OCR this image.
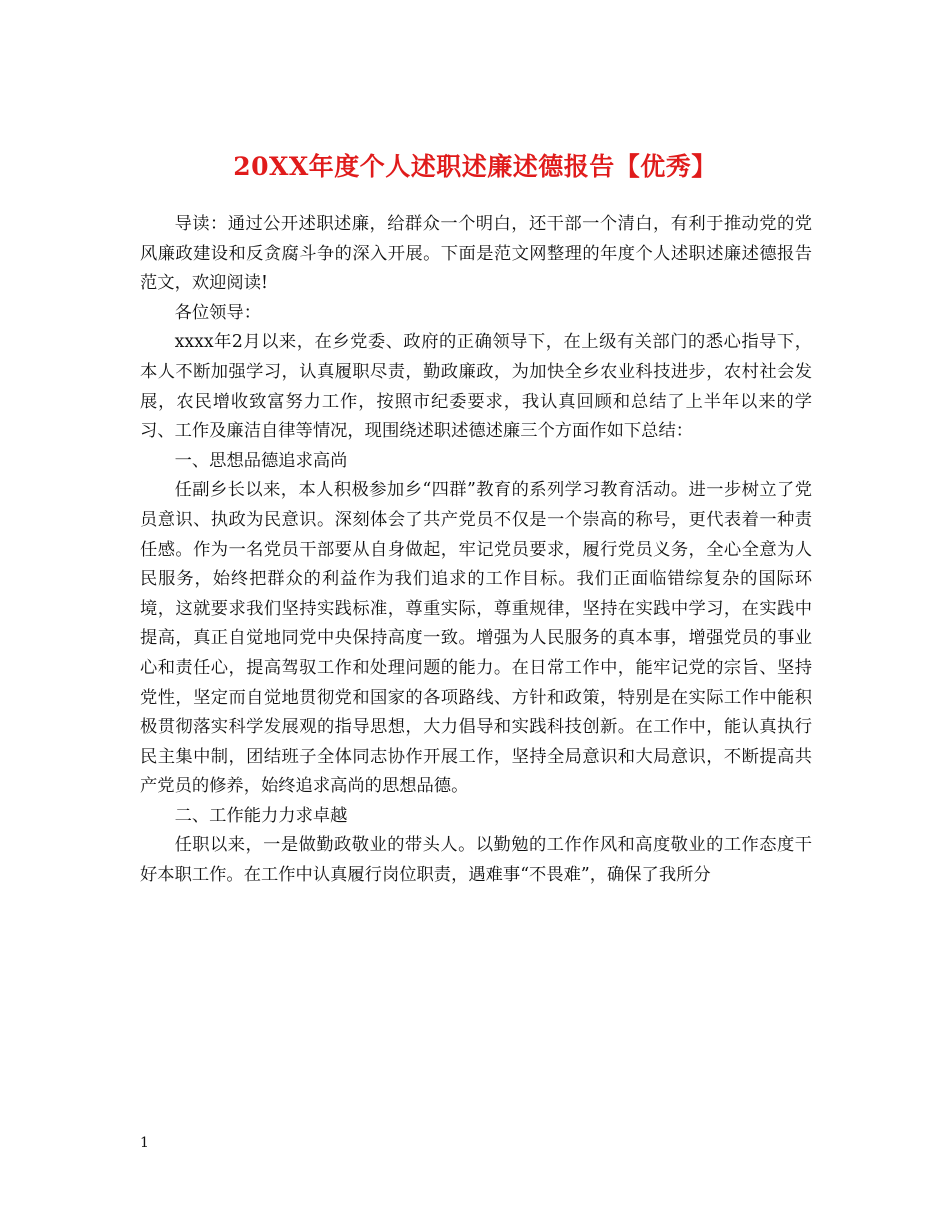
20XX年度个人述职述廉述德报告【优秀】

导读：通过公开述职述廉，给群众一个明白，还干部一个清白，有利于推动党的党风廉政建设和反贪腐斗争的深入开展。下面是范文网整理的年度个人述职述廉述德报告范文，欢迎阅读!

各位领导：

xxxx年2月以来，在乡党委、政府的正确领导下，在上级有关部门的悉心指导下，本人不断加强学习，认真履职尽责，勤政廉政，为加快全乡农业科技进步，农村社会发展，农民增收致富努力工作，按照市纪委要求，我认真回顾和总结了上半年以来的学习、工作及廉洁自律等情况，现围绕述职述德述廉三个方面作如下总结：

一、思想品德追求高尚

任副乡长以来，本人积极参加乡“四群”教育的系列学习教育活动。进一步树立了党员意识、执政为民意识。深刻体会了共产党员不仅是一个崇高的称号，更代表着一种责任感。作为一名党员干部要从自身做起，牢记党员要求，履行党员义务，全心全意为人民服务，始终把群众的利益作为我们追求的工作目标。我们正面临错综复杂的国际环境，这就要求我们坚持实践标准，尊重实际，尊重规律，坚持在实践中学习，在实践中提高，真正自觉地同党中央保持高度一致。增强为人民服务的真本事，增强党员的事业心和责任心，提高驾驭工作和处理问题的能力。在日常工作中，能牢记党的宗旨、坚持党性，坚定而自觉地贯彻党和国家的各项路线、方针和政策，特别是在实际工作中能积极贯彻落实科学发展观的指导思想，大力倡导和实践科技创新。在工作中，能认真执行民主集中制，团结班子全体同志协作开展工作，坚持全局意识和大局意识，不断提高共产党员的修养，始终追求高尚的思想品德。

二、工作能力力求卓越

任职以来，一是做勤政敬业的带头人。以勤勉的工作作风和高度敬业的工作态度干好本职工作。在工作中认真履行岗位职责，遇难事“不畏难”，确保了我所分

1
